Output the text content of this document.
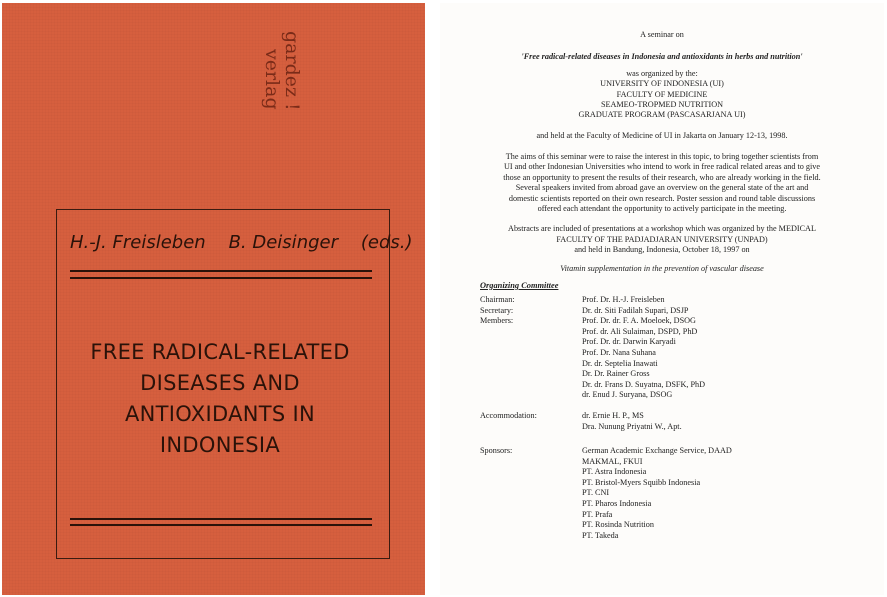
gardez !
verlag
H.-J. Freisleben    B. Deisinger    (eds.)
FREE RADICAL-RELATED
DISEASES AND
ANTIOXIDANTS IN
INDONESIA
A seminar on
'Free radical-related diseases in Indonesia and antioxidants in herbs and nutrition'
was organized by the:
UNIVERSITY OF INDONESIA (UI)
FACULTY OF MEDICINE
SEAMEO-TROPMED NUTRITION
GRADUATE PROGRAM (PASCASARJANA UI)
and held at the Faculty of Medicine of UI in Jakarta on January 12-13, 1998.
The aims of this seminar were to raise the interest in this topic, to bring together scientists from
UI and other Indonesian Universities who intend to work in free radical related areas and to give
those an opportunity to present the results of their research, who are already working in the field.
Several speakers invited from abroad gave an overview on the general state of the art and
domestic scientists reported on their own research. Poster session and round table discussions
offered each attendant the opportunity to actively participate in the meeting.
Abstracts are included of presentations at a workshop which was organized by the MEDICAL
FACULTY OF THE PADJADJARAN UNIVERSITY (UNPAD)
and held in Bandung, Indonesia, October 18, 1997 on
Vitamin supplementation in the prevention of vascular disease
Organizing Committee
Chairman:
Secretary:
Members:
Prof. Dr. H.-J. Freisleben
Dr. dr. Siti Fadilah Supari, DSJP
Prof. Dr. dr. F. A. Moeloek, DSOG
Prof. dr. Ali Sulaiman, DSPD, PhD
Prof. Dr. dr. Darwin Karyadi
Prof. Dr. Nana Suhana
Dr. dr. Septelia Inawati
Dr. Dr. Rainer Gross
Dr. dr. Frans D. Suyatna, DSFK, PhD
dr. Enud J. Suryana, DSOG
Accommodation:	dr. Ernie H. P., MS
Dra. Nunung Priyatni W., Apt.
Sponsors:	German Academic Exchange Service, DAAD
MAKMAL, FKUI
PT. Astra Indonesia
PT. Bristol-Myers Squibb Indonesia
PT. CNI
PT. Pharos Indonesia
PT. Prafa
PT. Rosinda Nutrition
PT. Takeda
